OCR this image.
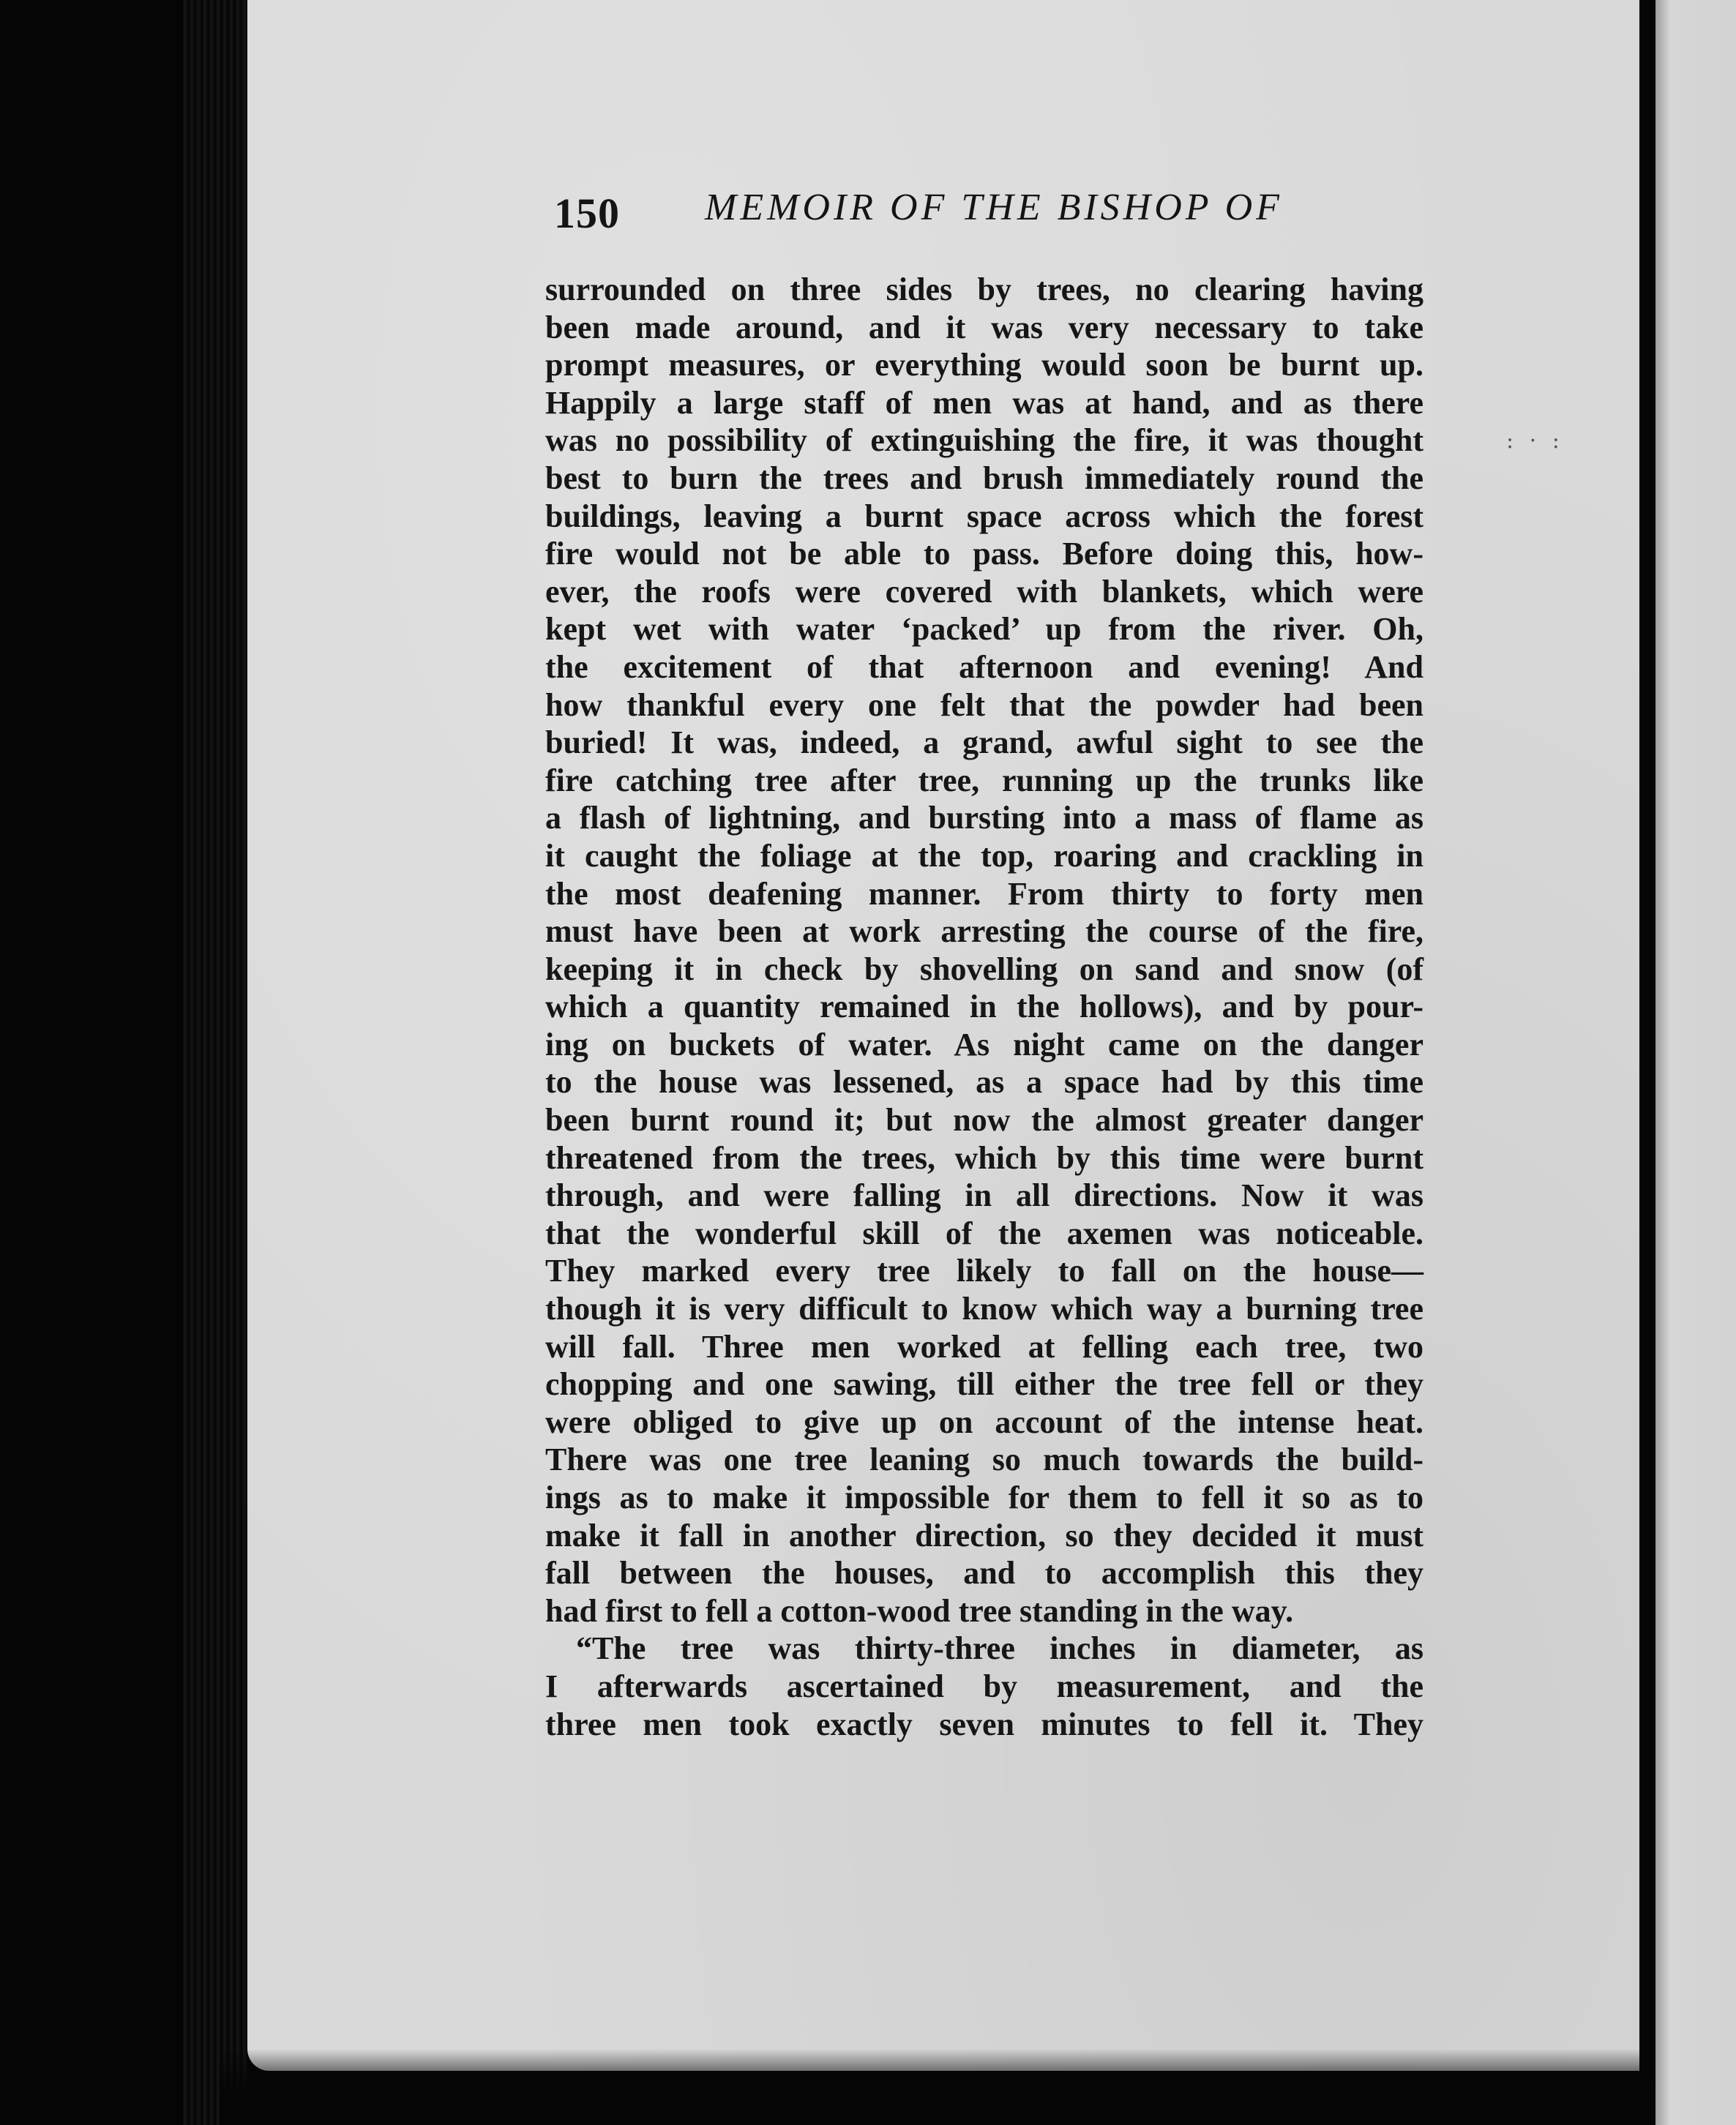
: · :
150 MEMOIR OF THE BISHOP OF
surrounded on three sides by trees, no clearing having
been made around, and it was very necessary to take
prompt measures, or everything would soon be burnt up.
Happily a large staff of men was at hand, and as there
was no possibility of extinguishing the fire, it was thought
best to burn the trees and brush immediately round the
buildings, leaving a burnt space across which the forest
fire would not be able to pass. Before doing this, how-
ever, the roofs were covered with blankets, which were
kept wet with water ‘packed’ up from the river. Oh,
the excitement of that afternoon and evening! And
how thankful every one felt that the powder had been
buried! It was, indeed, a grand, awful sight to see the
fire catching tree after tree, running up the trunks like
a flash of lightning, and bursting into a mass of flame as
it caught the foliage at the top, roaring and crackling in
the most deafening manner. From thirty to forty men
must have been at work arresting the course of the fire,
keeping it in check by shovelling on sand and snow (of
which a quantity remained in the hollows), and by pour-
ing on buckets of water. As night came on the danger
to the house was lessened, as a space had by this time
been burnt round it; but now the almost greater danger
threatened from the trees, which by this time were burnt
through, and were falling in all directions. Now it was
that the wonderful skill of the axemen was noticeable.
They marked every tree likely to fall on the house—
though it is very difficult to know which way a burning tree
will fall. Three men worked at felling each tree, two
chopping and one sawing, till either the tree fell or they
were obliged to give up on account of the intense heat.
There was one tree leaning so much towards the build-
ings as to make it impossible for them to fell it so as to
make it fall in another direction, so they decided it must
fall between the houses, and to accomplish this they
had first to fell a cotton-wood tree standing in the way.
“The tree was thirty-three inches in diameter, as
I afterwards ascertained by measurement, and the
three men took exactly seven minutes to fell it. They
